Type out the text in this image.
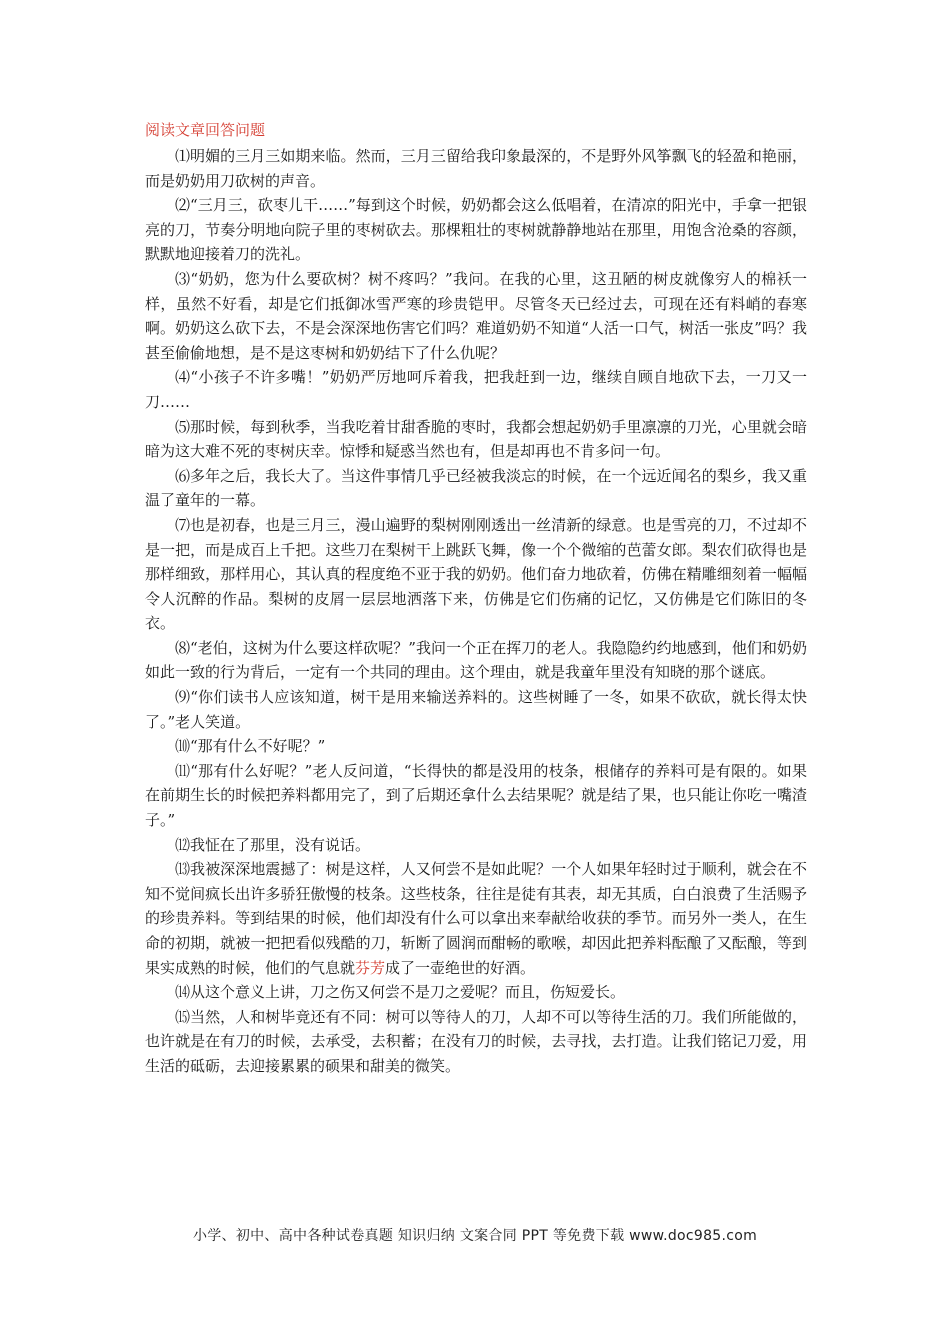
阅读文章回答问题

⑴明媚的三月三如期来临。然而，三月三留给我印象最深的，不是野外风筝飘飞的轻盈和艳丽，而是奶奶用刀砍树的声音。

⑵“三月三，砍枣儿干……”每到这个时候，奶奶都会这么低唱着，在清凉的阳光中，手拿一把银亮的刀，节奏分明地向院子里的枣树砍去。那棵粗壮的枣树就静静地站在那里，用饱含沧桑的容颜，默默地迎接着刀的洗礼。

⑶“奶奶，您为什么要砍树？树不疼吗？”我问。在我的心里，这丑陋的树皮就像穷人的棉袄一样，虽然不好看，却是它们抵御冰雪严寒的珍贵铠甲。尽管冬天已经过去，可现在还有料峭的春寒啊。奶奶这么砍下去，不是会深深地伤害它们吗？难道奶奶不知道“人活一口气，树活一张皮”吗？我甚至偷偷地想，是不是这枣树和奶奶结下了什么仇呢？

⑷“小孩子不许多嘴！”奶奶严厉地呵斥着我，把我赶到一边，继续自顾自地砍下去，一刀又一刀……

⑸那时候，每到秋季，当我吃着甘甜香脆的枣时，我都会想起奶奶手里凛凛的刀光，心里就会暗暗为这大难不死的枣树庆幸。惊悸和疑惑当然也有，但是却再也不肯多问一句。

⑹多年之后，我长大了。当这件事情几乎已经被我淡忘的时候，在一个远近闻名的梨乡，我又重温了童年的一幕。

⑺也是初春，也是三月三，漫山遍野的梨树刚刚透出一丝清新的绿意。也是雪亮的刀，不过却不是一把，而是成百上千把。这些刀在梨树干上跳跃飞舞，像一个个微缩的芭蕾女郎。梨农们砍得也是那样细致，那样用心，其认真的程度绝不亚于我的奶奶。他们奋力地砍着，仿佛在精雕细刻着一幅幅令人沉醉的作品。梨树的皮屑一层层地洒落下来，仿佛是它们伤痛的记忆，又仿佛是它们陈旧的冬衣。

⑻“老伯，这树为什么要这样砍呢？”我问一个正在挥刀的老人。我隐隐约约地感到，他们和奶奶如此一致的行为背后，一定有一个共同的理由。这个理由，就是我童年里没有知晓的那个谜底。

⑼“你们读书人应该知道，树干是用来输送养料的。这些树睡了一冬，如果不砍砍，就长得太快了。”老人笑道。

⑽“那有什么不好呢？”

⑾“那有什么好呢？”老人反问道，“长得快的都是没用的枝条，根储存的养料可是有限的。如果在前期生长的时候把养料都用完了，到了后期还拿什么去结果呢？就是结了果，也只能让你吃一嘴渣子。”

⑿我怔在了那里，没有说话。

⒀我被深深地震撼了：树是这样，人又何尝不是如此呢？一个人如果年轻时过于顺利，就会在不知不觉间疯长出许多骄狂傲慢的枝条。这些枝条，往往是徒有其表，却无其质，白白浪费了生活赐予的珍贵养料。等到结果的时候，他们却没有什么可以拿出来奉献给收获的季节。而另外一类人，在生命的初期，就被一把把看似残酷的刀，斩断了圆润而酣畅的歌喉，却因此把养料酝酿了又酝酿，等到果实成熟的时候，他们的气息就芬芳成了一壶绝世的好酒。

⒁从这个意义上讲，刀之伤又何尝不是刀之爱呢？而且，伤短爱长。

⒂当然，人和树毕竟还有不同：树可以等待人的刀，人却不可以等待生活的刀。我们所能做的，也许就是在有刀的时候，去承受，去积蓄；在没有刀的时候，去寻找，去打造。让我们铭记刀爱，用生活的砥砺，去迎接累累的硕果和甜美的微笑。

小学、初中、高中各种试卷真题 知识归纳 文案合同 PPT 等免费下载 www.doc985.com
